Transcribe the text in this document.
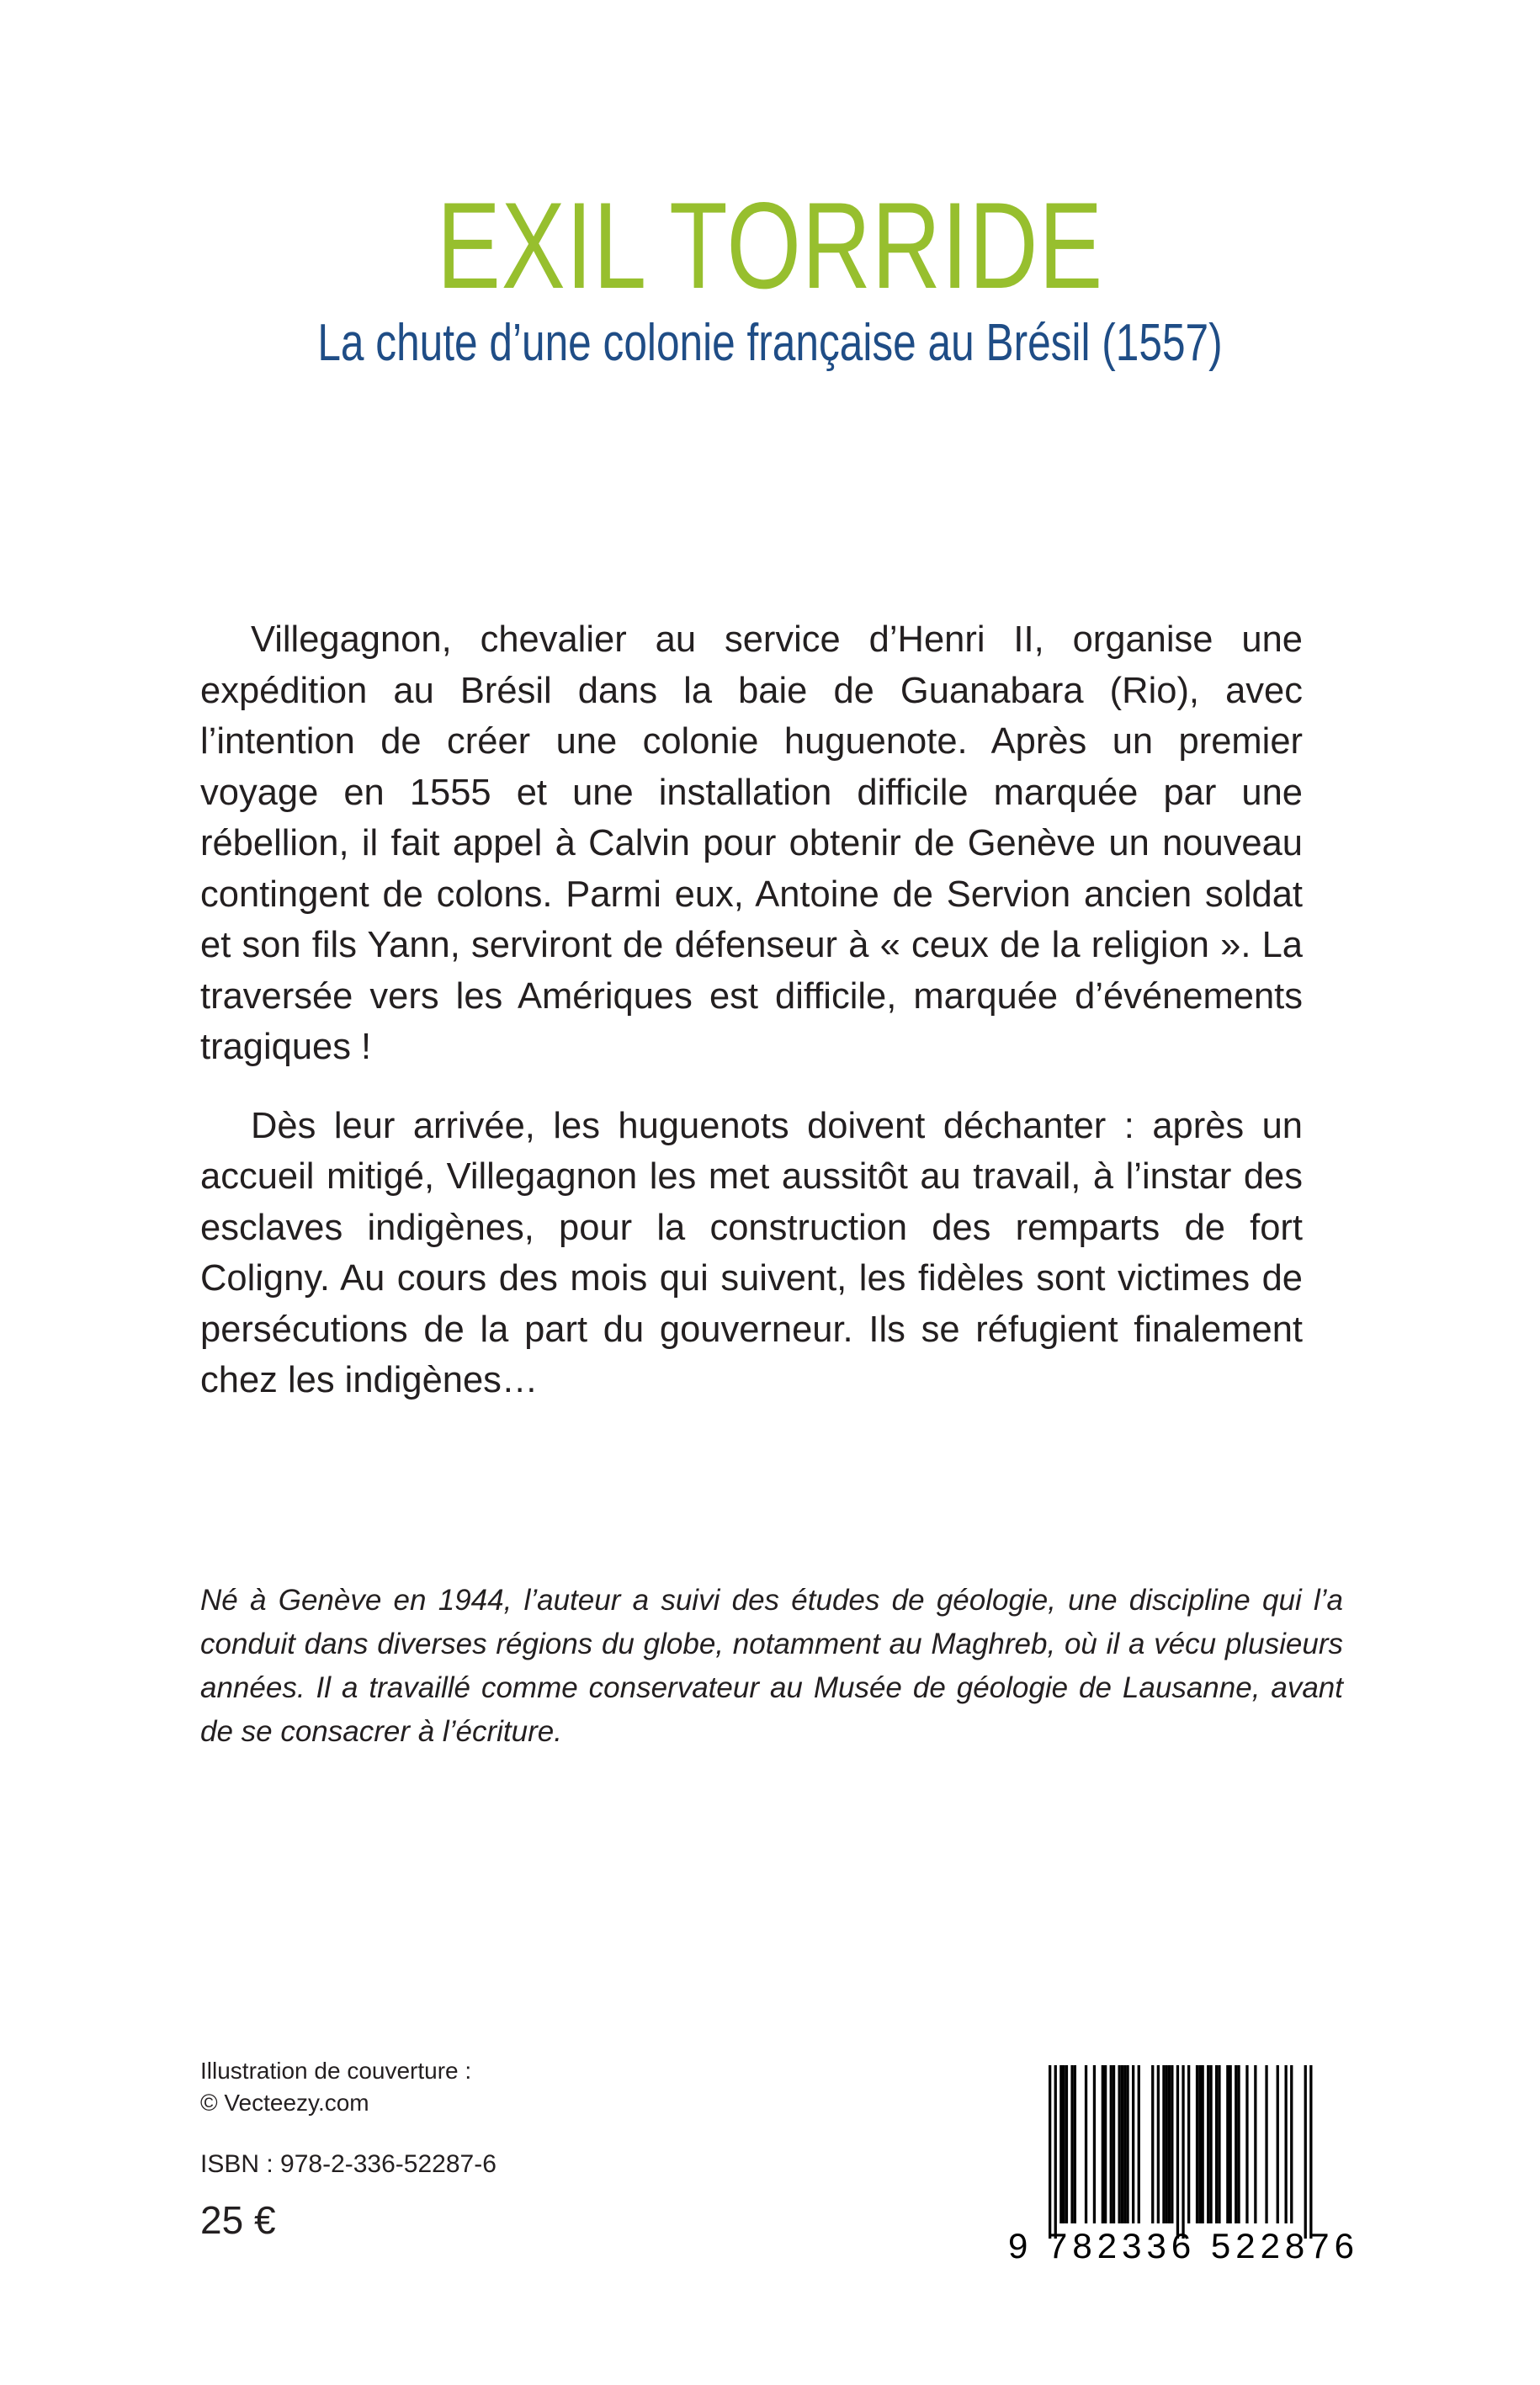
EXIL TORRIDE
La chute d’une colonie française au Brésil (1557)

Villegagnon, chevalier au service d’Henri II, organise une expédition au Brésil dans la baie de Guanabara (Rio), avec l’intention de créer une colonie huguenote. Après un premier voyage en 1555 et une installation difficile marquée par une rébellion, il fait appel à Calvin pour obtenir de Genève un nouveau contingent de colons. Parmi eux, Antoine de Servion ancien soldat et son fils Yann, serviront de défenseur à « ceux de la religion ». La traversée vers les Amériques est difficile, marquée d’événements tragiques !

Dès leur arrivée, les huguenots doivent déchanter : après un accueil mitigé, Villegagnon les met aussitôt au travail, à l’instar des esclaves indigènes, pour la construction des remparts de fort Coligny. Au cours des mois qui suivent, les fidèles sont victimes de persécutions de la part du gouverneur. Ils se réfugient finalement chez les indigènes…

Né à Genève en 1944, l’auteur a suivi des études de géologie, une discipline qui l’a conduit dans diverses régions du globe, notamment au Maghreb, où il a vécu plusieurs années. Il a travaillé comme conservateur au Musée de géologie de Lausanne, avant de se consacrer à l’écriture.
Illustration de couverture :
© Vecteezy.com
ISBN : 978-2-336-52287-6
25 €
9 782336 522876
